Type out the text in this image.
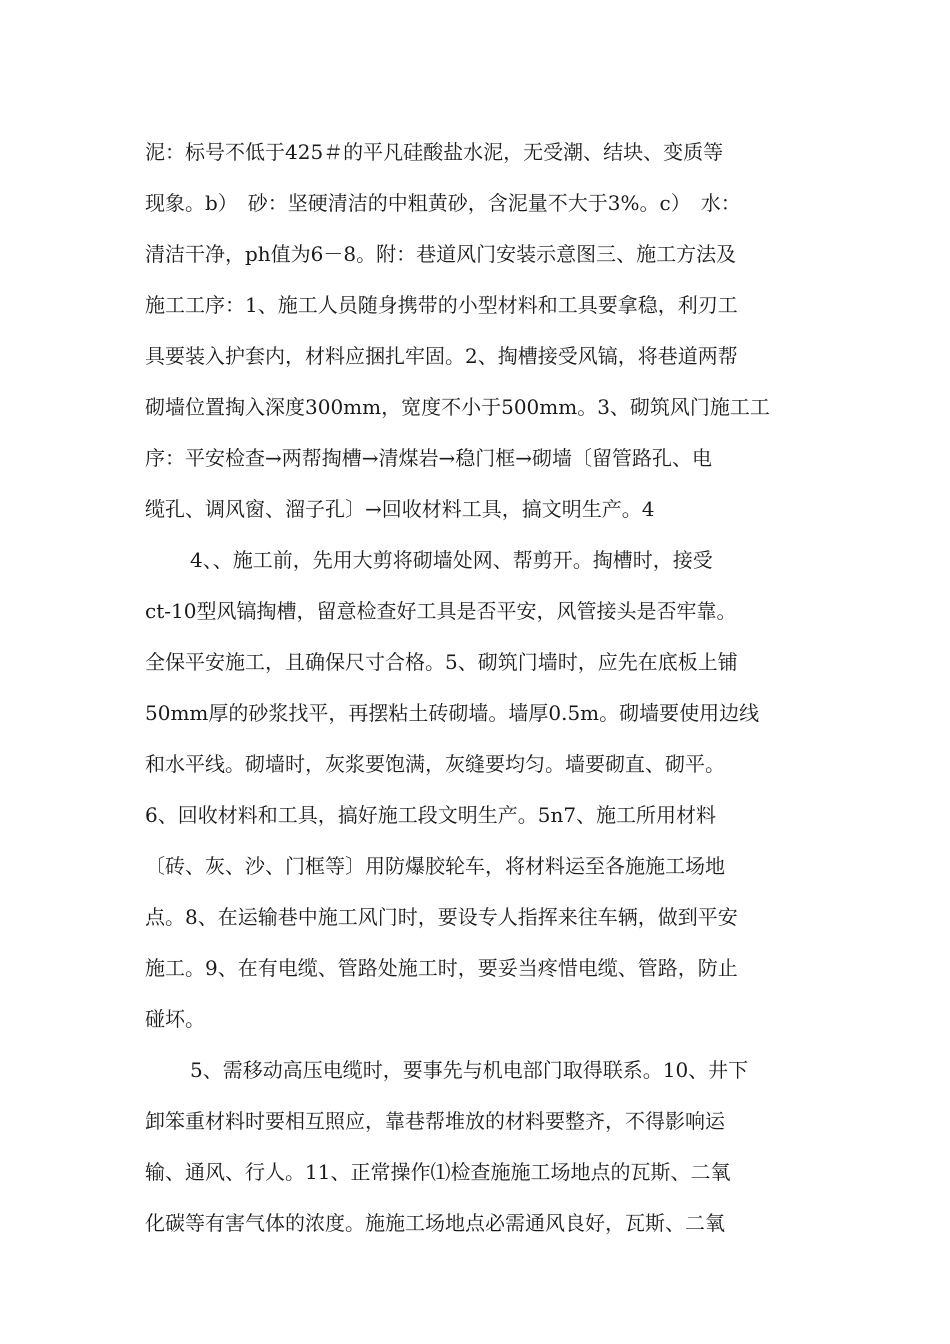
泥：标号不低于425＃的平凡硅酸盐水泥，无受潮、结块、变质等
现象。b）　砂：坚硬清洁的中粗黄砂，含泥量不大于3%。c）　水：
清洁干净，ph值为6－8。附：巷道风门安装示意图三、施工方法及
施工工序：1、施工人员随身携带的小型材料和工具要拿稳，利刃工
具要装入护套内，材料应捆扎牢固。2、掏槽接受风镐，将巷道两帮
砌墙位置掏入深度300mm，宽度不小于500mm。3、砌筑风门施工工
序：平安检查→两帮掏槽→清煤岩→稳门框→砌墙〔留管路孔、电
缆孔、调风窗、溜子孔〕→回收材料工具，搞文明生产。4
4、、施工前，先用大剪将砌墙处网、帮剪开。掏槽时，接受
ct-10型风镐掏槽，留意检查好工具是否平安，风管接头是否牢靠。
全保平安施工，且确保尺寸合格。5、砌筑门墙时，应先在底板上铺
50mm厚的砂浆找平，再摆粘土砖砌墙。墙厚0.5m。砌墙要使用边线
和水平线。砌墙时，灰浆要饱满，灰缝要均匀。墙要砌直、砌平。
6、回收材料和工具，搞好施工段文明生产。5n7、施工所用材料
〔砖、灰、沙、门框等〕用防爆胶轮车，将材料运至各施施工场地
点。8、在运输巷中施工风门时，要设专人指挥来往车辆，做到平安
施工。9、在有电缆、管路处施工时，要妥当疼惜电缆、管路，防止
碰坏。
5、需移动高压电缆时，要事先与机电部门取得联系。10、井下
卸笨重材料时要相互照应，靠巷帮堆放的材料要整齐，不得影响运
输、通风、行人。11、正常操作⑴检查施施工场地点的瓦斯、二氧
化碳等有害气体的浓度。施施工场地点必需通风良好，瓦斯、二氧
